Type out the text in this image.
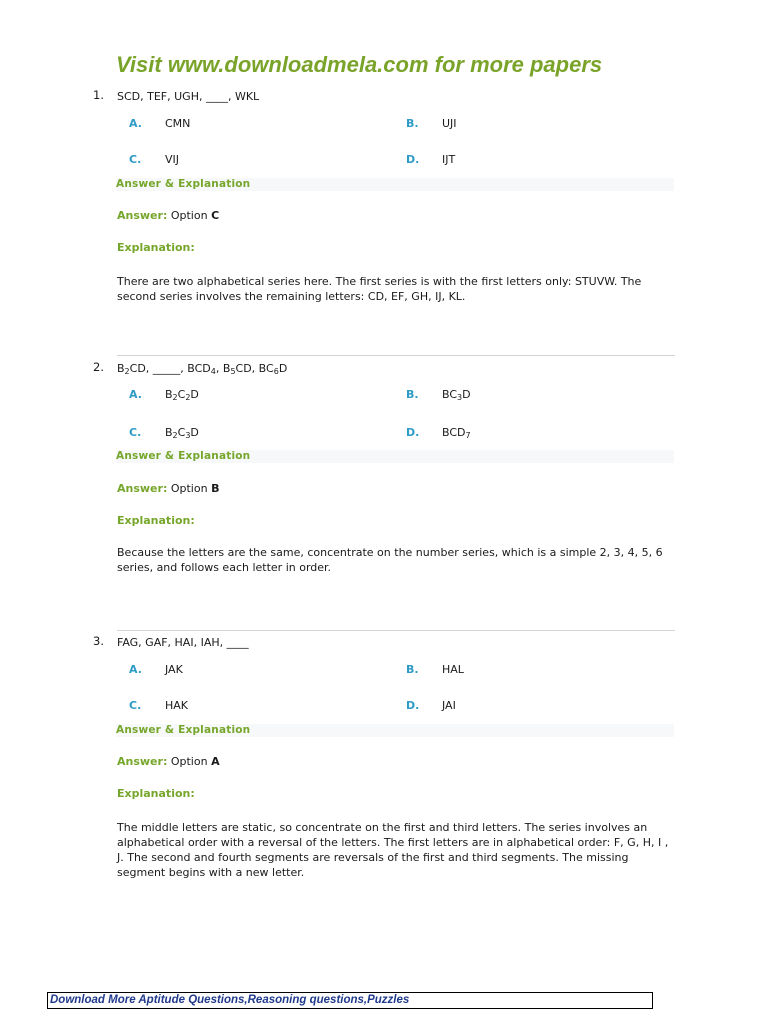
Visit www.downloadmela.com for more papers
1. SCD, TEF, UGH, ____, WKL
A. CMN	B. UJI
C. VIJ	D. IJT
Answer & Explanation
Answer: Option C
Explanation:
There are two alphabetical series here. The first series is with the first letters only: STUVW. The second series involves the remaining letters: CD, EF, GH, IJ, KL.
2. $B_2CD$, _____, $BCD_4$, $B_5CD$, $BC_6D$
A. $B_2C_2D$	B. $BC_3D$
C. $B_2C_3D$	D. $BCD_7$
Answer & Explanation
Answer: Option B
Explanation:
Because the letters are the same, concentrate on the number series, which is a simple 2, 3, 4, 5, 6 series, and follows each letter in order.
3. FAG, GAF, HAI, IAH, ____
A. JAK	B. HAL
C. HAK	D. JAI
Answer & Explanation
Answer: Option A
Explanation:
The middle letters are static, so concentrate on the first and third letters. The series involves an alphabetical order with a reversal of the letters. The first letters are in alphabetical order: F, G, H, I , J. The second and fourth segments are reversals of the first and third segments. The missing segment begins with a new letter.
Download More Aptitude Questions,Reasoning questions,Puzzles
